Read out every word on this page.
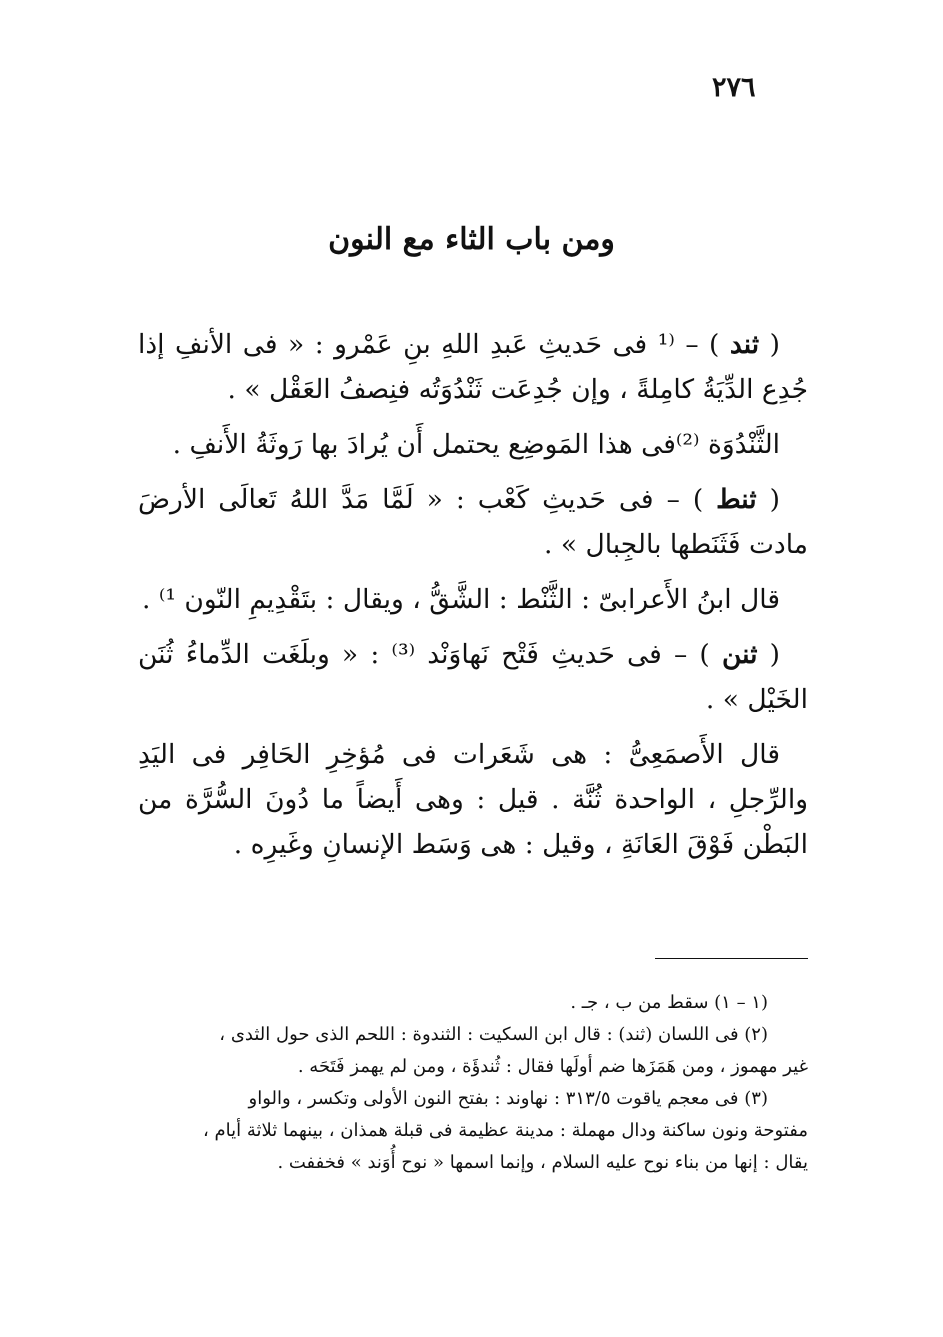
٢٧٦
ومن باب الثاء مع النون

( ثند ) – ⁽¹ فى حَديثِ عَبدِ اللهِ بنِ عَمْرو : « فى الأنفِ إذا جُدِع الدِّيَةُ كامِلةً ، وإن جُدِعَت ثَنْدُوَتُه فنِصفُ العَقْل » .

الثَّنْدُوَة ⁽²⁾فى هذا المَوضِع يحتمل أَن يُرادَ بها رَوثَةُ الأَنفِ .

( ثنط ) – فى حَديثِ كَعْب : « لَمَّا مَدَّ اللهُ تَعالَى الأرضَ مادت فَثَنَطها بالجِبال » .

قال ابنُ الأَعرابىّ : الثَّنْط : الشَّقُّ ، ويقال : بتَقْدِيمِ النّون ¹⁾ .

( ثنن ) – فى حَديثِ فَتْح نَهاوَنْد ⁽³⁾ : « وبلَغَت الدِّماءُ ثُنَن الخَيْل » .

قال الأَصمَعِىُّ : هى شَعَرات فى مُؤخِرِ الحَافِر فى اليَدِ والرِّجلِ ، الواحدة ثُنَّة . قيل : وهى أَيضاً ما دُونَ السُّرَّة من البَطْن فَوْقَ العَانَةِ ، وقيل : هى وَسَط الإنسانِ وغَيرِه .

(١ – ١) سقط من ب ، جـ .

(٢) فى اللسان (ثند) : قال ابن السكيت : الثندوة : اللحم الذى حول الثدى ،

غير مهموز ، ومن هَمَزَها ضم أولَها فقال : ثُندؤَة ، ومن لم يهمز فَتَحَه .

(٣) فى معجم ياقوت ٣١٣/٥ : نهاوند : بفتح النون الأولى وتكسر ، والواو

مفتوحة ونون ساكنة ودال مهملة : مدينة عظيمة فى قبلة همذان ، بينهما ثلاثة أيام ،

يقال : إنها من بناء نوح عليه السلام ، وإنما اسمها « نوح أُوَند » فخففت .
